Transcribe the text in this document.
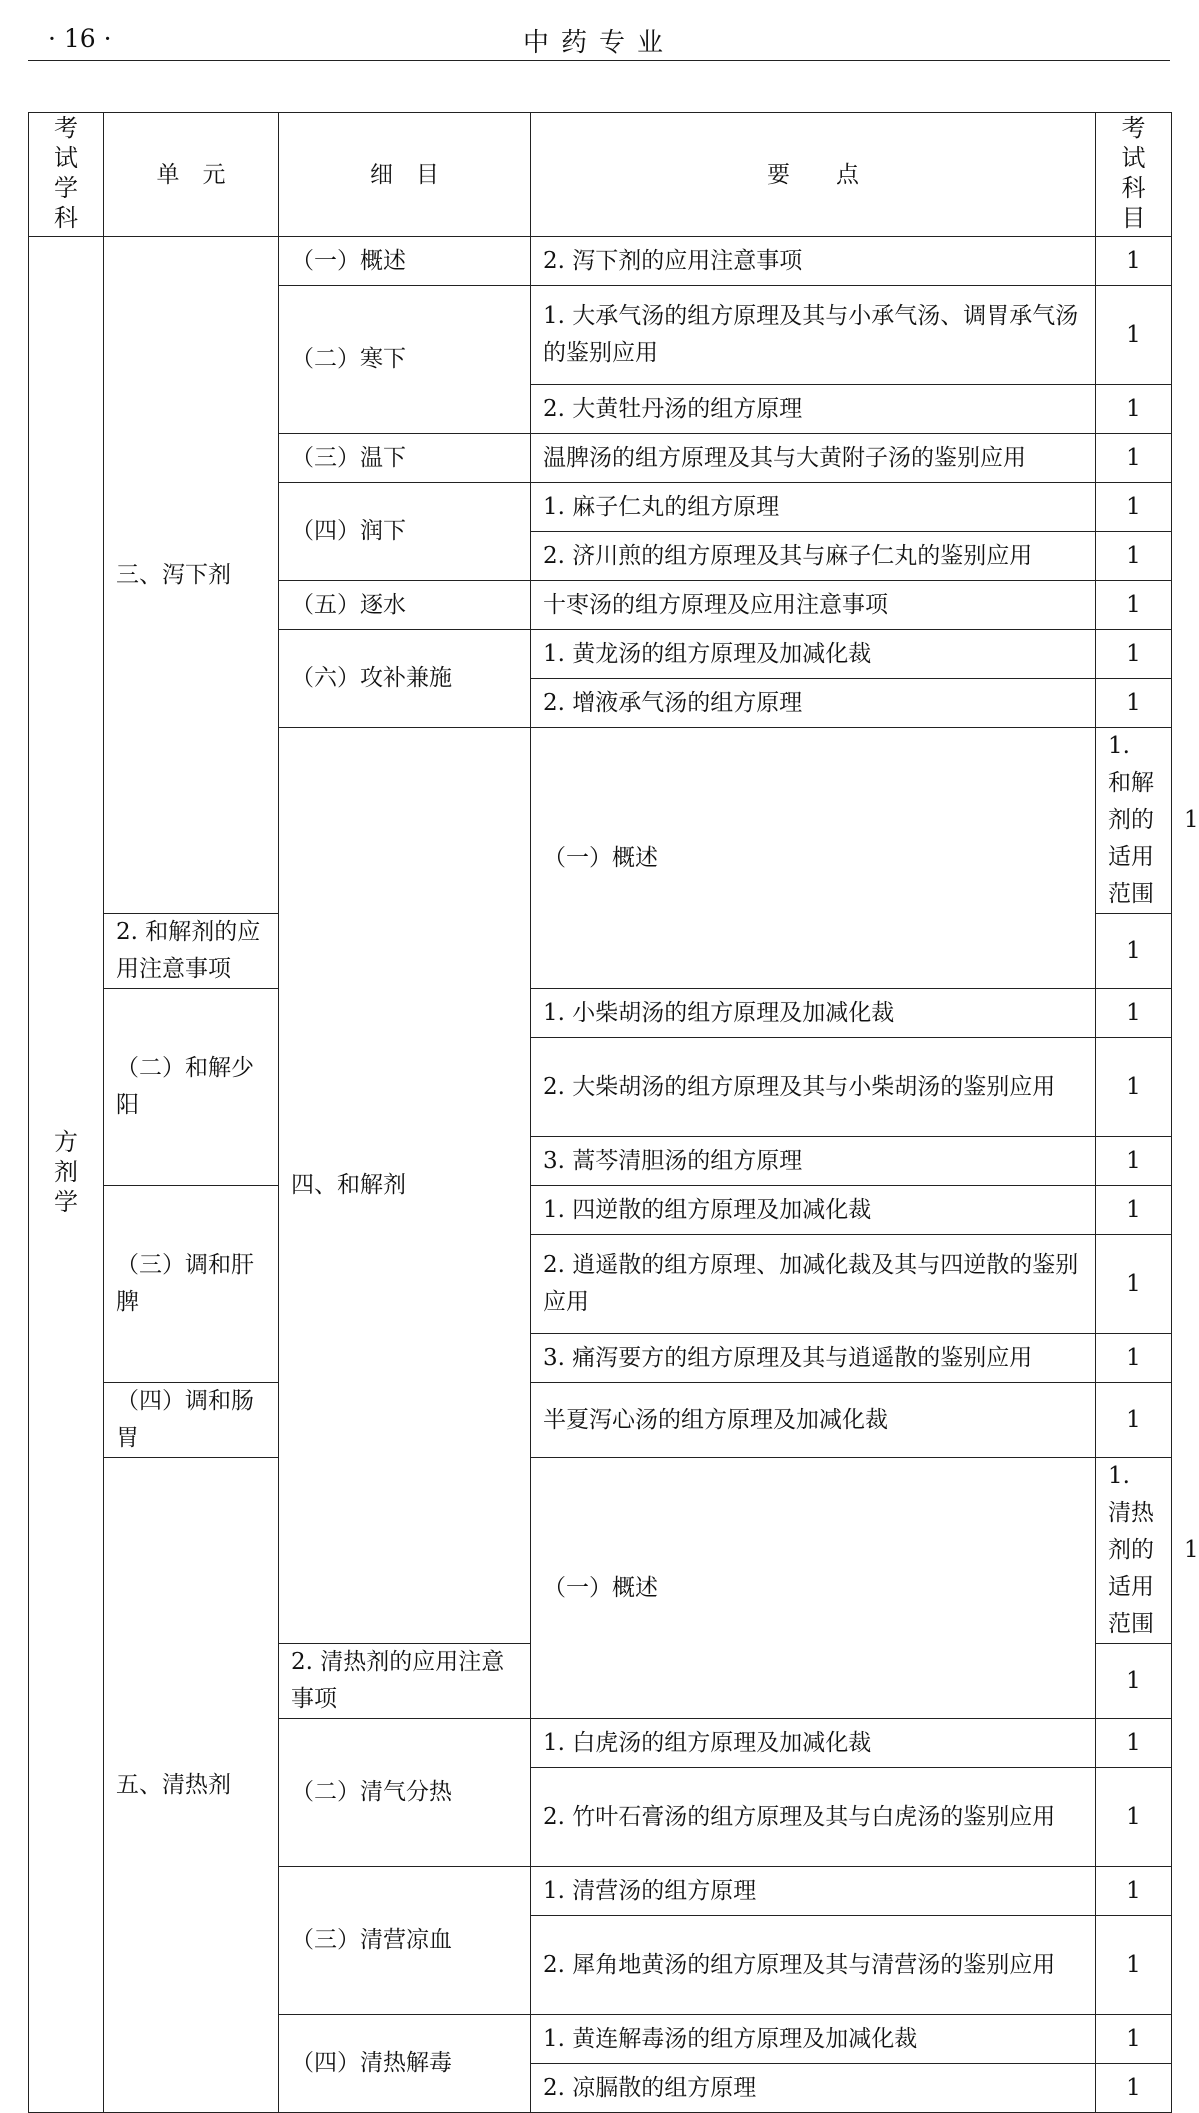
· 16 ·	中药专业
考试学科	单　元	细　目	要　　点	考试科目	
方剂学	三、泻下剂	（一）概述	2. 泻下剂的应用注意事项	1	
		（二）寒下	1. 大承气汤的组方原理及其与小承气汤、调胃承气汤的鉴别应用	1	
			2. 大黄牡丹汤的组方原理	1	
		（三）温下	温脾汤的组方原理及其与大黄附子汤的鉴别应用	1	
		（四）润下	1. 麻子仁丸的组方原理	1	
			2. 济川煎的组方原理及其与麻子仁丸的鉴别应用	1	
		（五）逐水	十枣汤的组方原理及应用注意事项	1	
		（六）攻补兼施	1. 黄龙汤的组方原理及加减化裁	1	
			2. 增液承气汤的组方原理	1	
		四、和解剂	（一）概述	1. 和解剂的适用范围	1
	2. 和解剂的应用注意事项			1	
	（二）和解少阳		1. 小柴胡汤的组方原理及加减化裁	1	
			2. 大柴胡汤的组方原理及其与小柴胡汤的鉴别应用	1	
			3. 蒿芩清胆汤的组方原理	1	
	（三）调和肝脾		1. 四逆散的组方原理及加减化裁	1	
			2. 逍遥散的组方原理、加减化裁及其与四逆散的鉴别应用	1	
			3. 痛泻要方的组方原理及其与逍遥散的鉴别应用	1	
	（四）调和肠胃		半夏泻心汤的组方原理及加减化裁	1	
	五、清热剂		（一）概述	1. 清热剂的适用范围	1
		2. 清热剂的应用注意事项		1	
		（二）清气分热	1. 白虎汤的组方原理及加减化裁	1	
			2. 竹叶石膏汤的组方原理及其与白虎汤的鉴别应用	1	
		（三）清营凉血	1. 清营汤的组方原理	1	
			2. 犀角地黄汤的组方原理及其与清营汤的鉴别应用	1	
		（四）清热解毒	1. 黄连解毒汤的组方原理及加减化裁	1	
			2. 凉膈散的组方原理	1	
